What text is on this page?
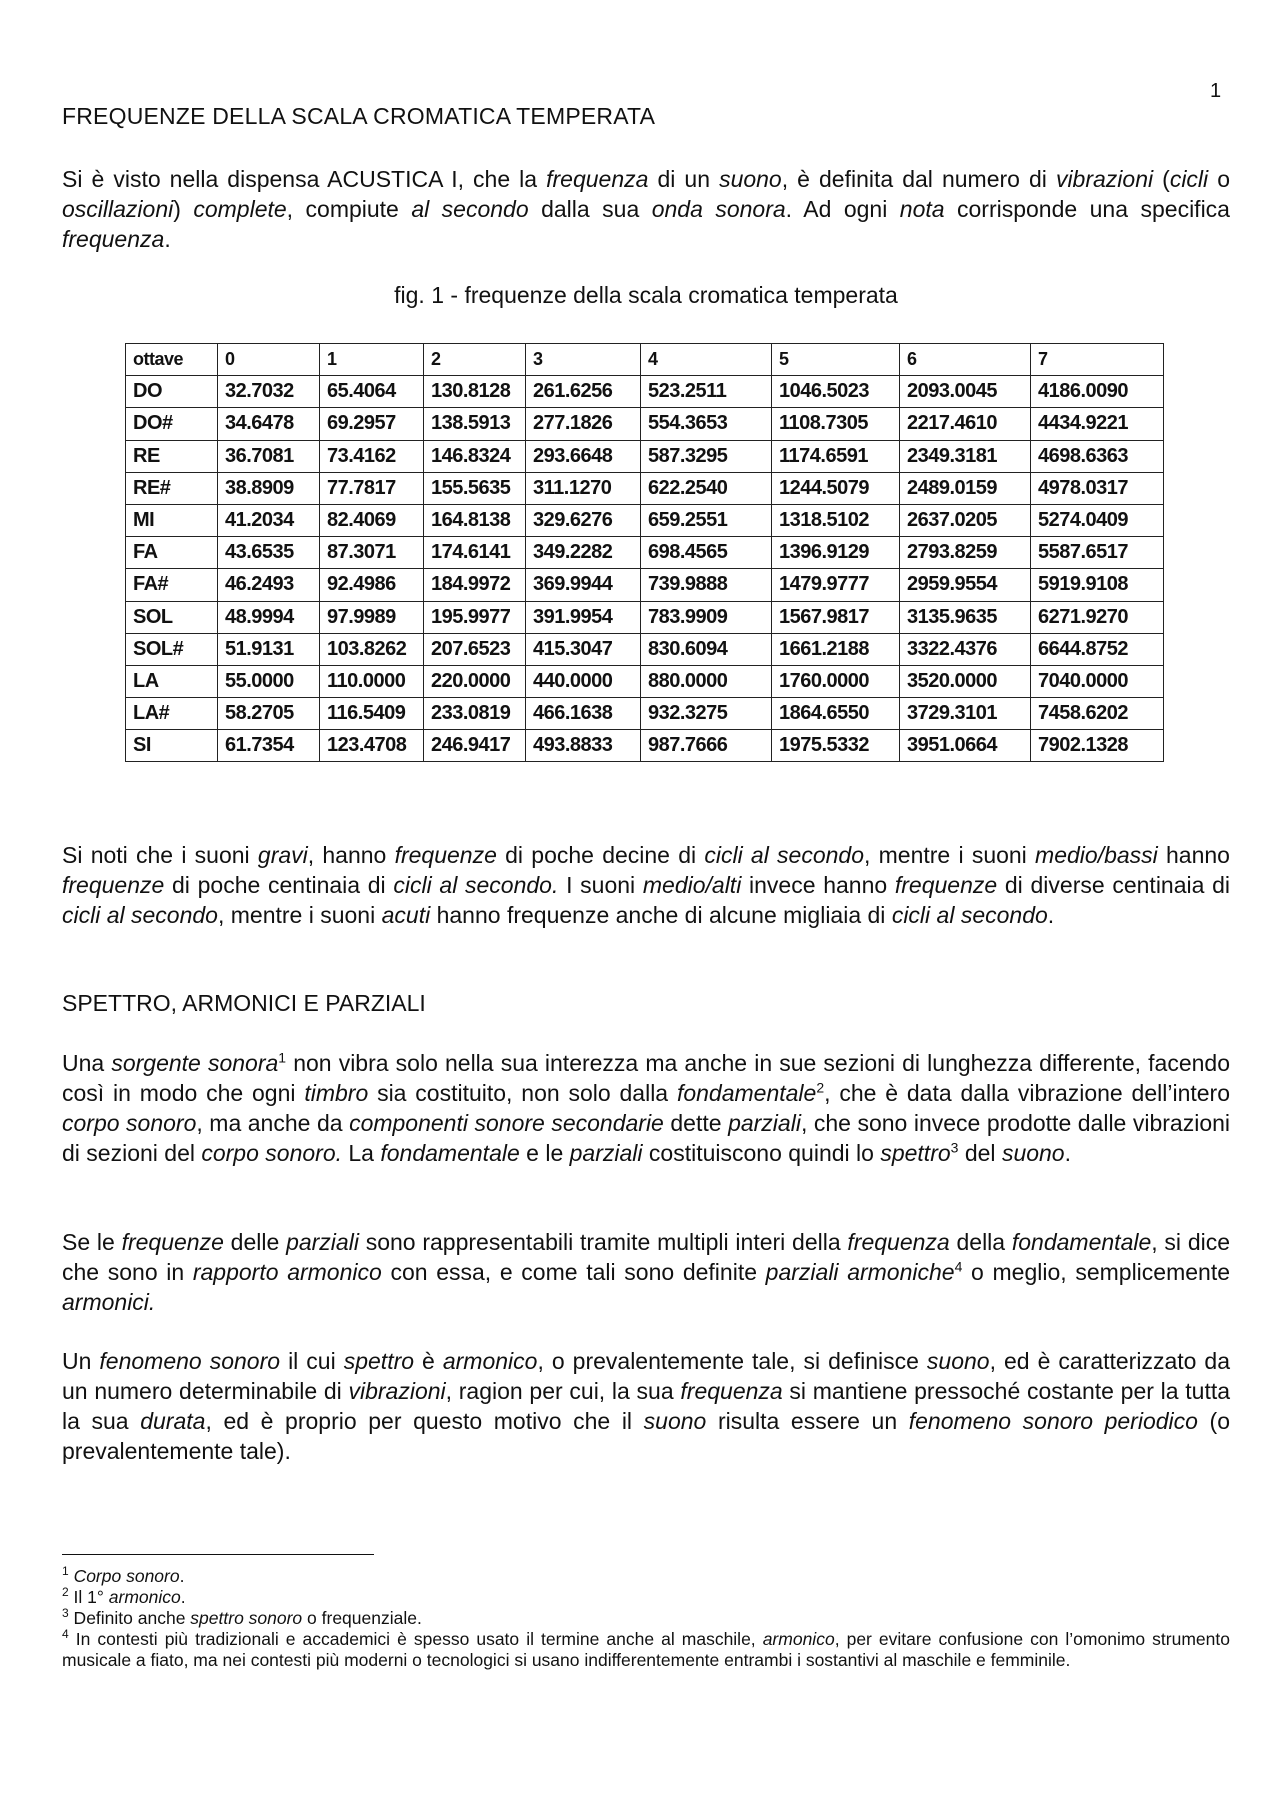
1
FREQUENZE DELLA SCALA CROMATICA TEMPERATA

Si è visto nella dispensa ACUSTICA I, che la frequenza di un suono, è definita dal numero di vibrazioni (cicli o oscillazioni) complete, compiute al secondo dalla sua onda sonora. Ad ogni nota corrisponde una specifica frequenza.

fig. 1 - frequenze della scala cromatica temperata
ottave	0	1	2	3	4	5	6	7
DO	32.7032	65.4064	130.8128	261.6256	523.2511	1046.5023	2093.0045	4186.0090
DO#	34.6478	69.2957	138.5913	277.1826	554.3653	1108.7305	2217.4610	4434.9221
RE	36.7081	73.4162	146.8324	293.6648	587.3295	1174.6591	2349.3181	4698.6363
RE#	38.8909	77.7817	155.5635	311.1270	622.2540	1244.5079	2489.0159	4978.0317
MI	41.2034	82.4069	164.8138	329.6276	659.2551	1318.5102	2637.0205	5274.0409
FA	43.6535	87.3071	174.6141	349.2282	698.4565	1396.9129	2793.8259	5587.6517
FA#	46.2493	92.4986	184.9972	369.9944	739.9888	1479.9777	2959.9554	5919.9108
SOL	48.9994	97.9989	195.9977	391.9954	783.9909	1567.9817	3135.9635	6271.9270
SOL#	51.9131	103.8262	207.6523	415.3047	830.6094	1661.2188	3322.4376	6644.8752
LA	55.0000	110.0000	220.0000	440.0000	880.0000	1760.0000	3520.0000	7040.0000
LA#	58.2705	116.5409	233.0819	466.1638	932.3275	1864.6550	3729.3101	7458.6202
SI	61.7354	123.4708	246.9417	493.8833	987.7666	1975.5332	3951.0664	7902.1328

Si noti che i suoni gravi, hanno frequenze di poche decine di cicli al secondo, mentre i suoni medio/bassi hanno frequenze di poche centinaia di cicli al secondo. I suoni medio/alti invece hanno frequenze di diverse centinaia di cicli al secondo, mentre i suoni acuti hanno frequenze anche di alcune migliaia di cicli al secondo.

SPETTRO, ARMONICI E PARZIALI

Una sorgente sonora$^1$ non vibra solo nella sua interezza ma anche in sue sezioni di lunghezza differente, facendo così in modo che ogni timbro sia costituito, non solo dalla fondamentale$^2$, che è data dalla vibrazione dell’intero corpo sonoro, ma anche da componenti sonore secondarie dette parziali, che sono invece prodotte dalle vibrazioni di sezioni del corpo sonoro. La fondamentale e le parziali costituiscono quindi lo spettro$^3$ del suono.

Se le frequenze delle parziali sono rappresentabili tramite multipli interi della frequenza della fondamentale, si dice che sono in rapporto armonico con essa, e come tali sono definite parziali armoniche$^4$ o meglio, semplicemente armonici.

Un fenomeno sonoro il cui spettro è armonico, o prevalentemente tale, si definisce suono, ed è caratterizzato da un numero determinabile di vibrazioni, ragion per cui, la sua frequenza si mantiene pressoché costante per la tutta la sua durata, ed è proprio per questo motivo che il suono risulta essere un fenomeno sonoro periodico (o prevalentemente tale).

$^1$ Corpo sonoro.

$^2$ Il 1° armonico.

$^3$ Definito anche spettro sonoro o frequenziale.

$^4$ In contesti più tradizionali e accademici è spesso usato il termine anche al maschile, armonico, per evitare confusione con l’omonimo strumento musicale a fiato, ma nei contesti più moderni o tecnologici si usano indifferentemente entrambi i sostantivi al maschile e femminile.
